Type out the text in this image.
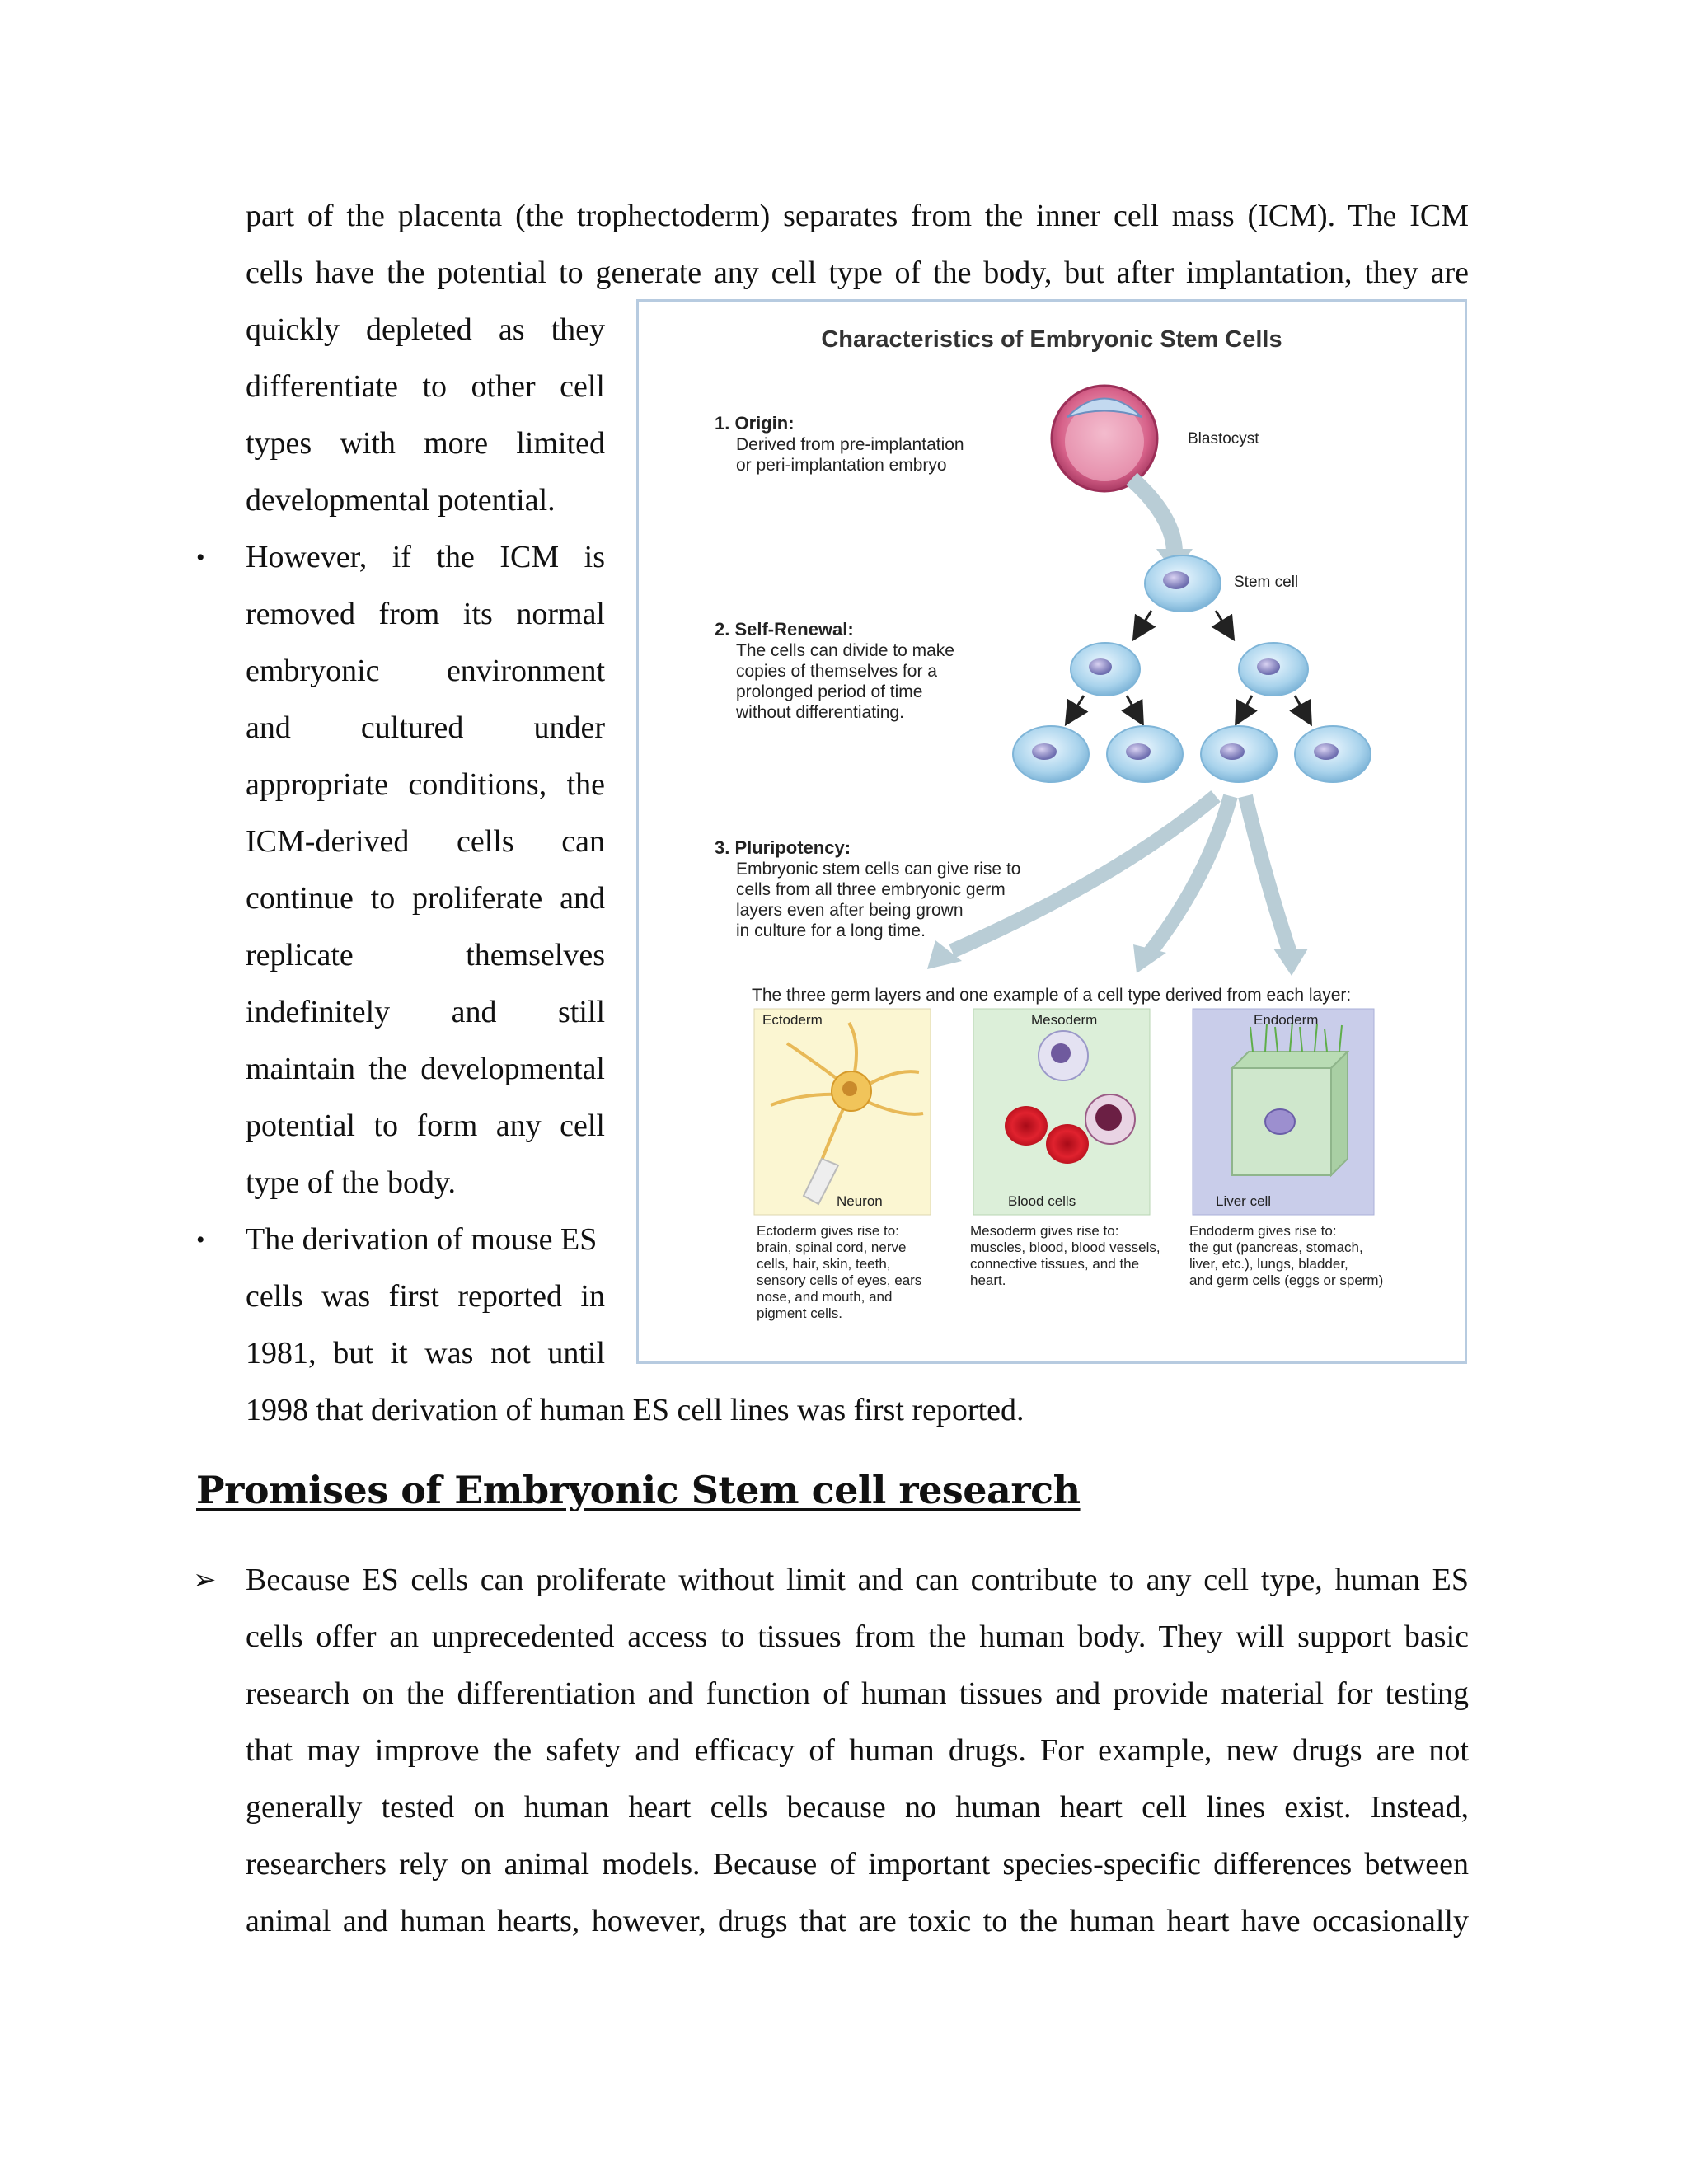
part of the placenta (the trophectoderm) separates from the inner cell mass (ICM). The ICM

cells have the potential to generate any cell type of the body, but after implantation, they are

quickly depleted as they
differentiate to other cell
types with more limited
developmental potential.
• However, if the ICM is
removed from its normal
embryonic environment
and cultured under
appropriate conditions, the
ICM-derived cells can
continue to proliferate and
replicate themselves
indefinitely and still
maintain the developmental
potential to form any cell
type of the body.
• The derivation of mouse ES
cells was first reported in
1981, but it was not until

1998 that derivation of human ES cell lines was first reported.

Characteristics of Embryonic Stem Cells
1. Origin:
Derived from pre-implantation
or peri-implantation embryo
Blastocyst
Stem cell
2. Self-Renewal:
The cells can divide to make
copies of themselves for a
prolonged period of time
without differentiating.
3. Pluripotency:
Embryonic stem cells can give rise to
cells from all three embryonic germ
layers even after being grown
in culture for a long time.
The three germ layers and one example of a cell type derived from each layer:
Ectoderm	Mesoderm	Endoderm
Neuron	Blood cells	Liver cell
Ectoderm gives rise to:
brain, spinal cord, nerve
cells, hair, skin, teeth,
sensory cells of eyes, ears
nose, and mouth, and
pigment cells.
Mesoderm gives rise to:
muscles, blood, blood vessels,
connective tissues, and the
heart.
Endoderm gives rise to:
the gut (pancreas, stomach,
liver, etc.), lungs, bladder,
and germ cells (eggs or sperm)
Promises of Embryonic Stem cell research
➢ Because ES cells can proliferate without limit and can contribute to any cell type, human ES

cells offer an unprecedented access to tissues from the human body. They will support basic

research on the differentiation and function of human tissues and provide material for testing

that may improve the safety and efficacy of human drugs. For example, new drugs are not

generally tested on human heart cells because no human heart cell lines exist. Instead,

researchers rely on animal models. Because of important species-specific differences between

animal and human hearts, however, drugs that are toxic to the human heart have occasionally
